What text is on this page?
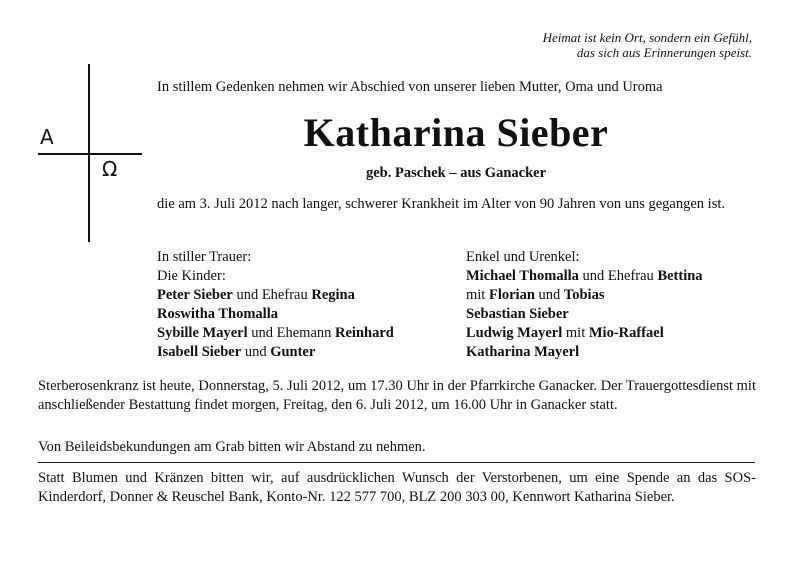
Heimat ist kein Ort, sondern ein Gefühl,
das sich aus Erinnerungen speist.
A
Ω
In stillem Gedenken nehmen wir Abschied von unserer lieben Mutter, Oma und Uroma
Katharina Sieber
geb. Paschek – aus Ganacker
die am 3. Juli 2012 nach langer, schwerer Krankheit im Alter von 90 Jahren von uns gegangen ist.
In stiller Trauer:
Die Kinder:
Peter Sieber und Ehefrau Regina
Roswitha Thomalla
Sybille Mayerl und Ehemann Reinhard
Isabell Sieber und Gunter
Enkel und Urenkel:
Michael Thomalla und Ehefrau Bettina
mit Florian und Tobias
Sebastian Sieber
Ludwig Mayerl mit Mio-Raffael
Katharina Mayerl
Sterberosenkranz ist heute, Donnerstag, 5. Juli 2012, um 17.30 Uhr in der Pfarrkirche Ganacker. Der Trauergottesdienst mit anschließender Bestattung findet morgen, Freitag, den 6. Juli 2012, um 16.00 Uhr in Ganacker statt.
Von Beileidsbekundungen am Grab bitten wir Abstand zu nehmen.
Statt Blumen und Kränzen bitten wir, auf ausdrücklichen Wunsch der Verstorbenen, um eine Spende an das SOS-Kinderdorf, Donner & Reuschel Bank, Konto-Nr. 122 577 700, BLZ 200 303 00, Kennwort Katharina Sieber.
